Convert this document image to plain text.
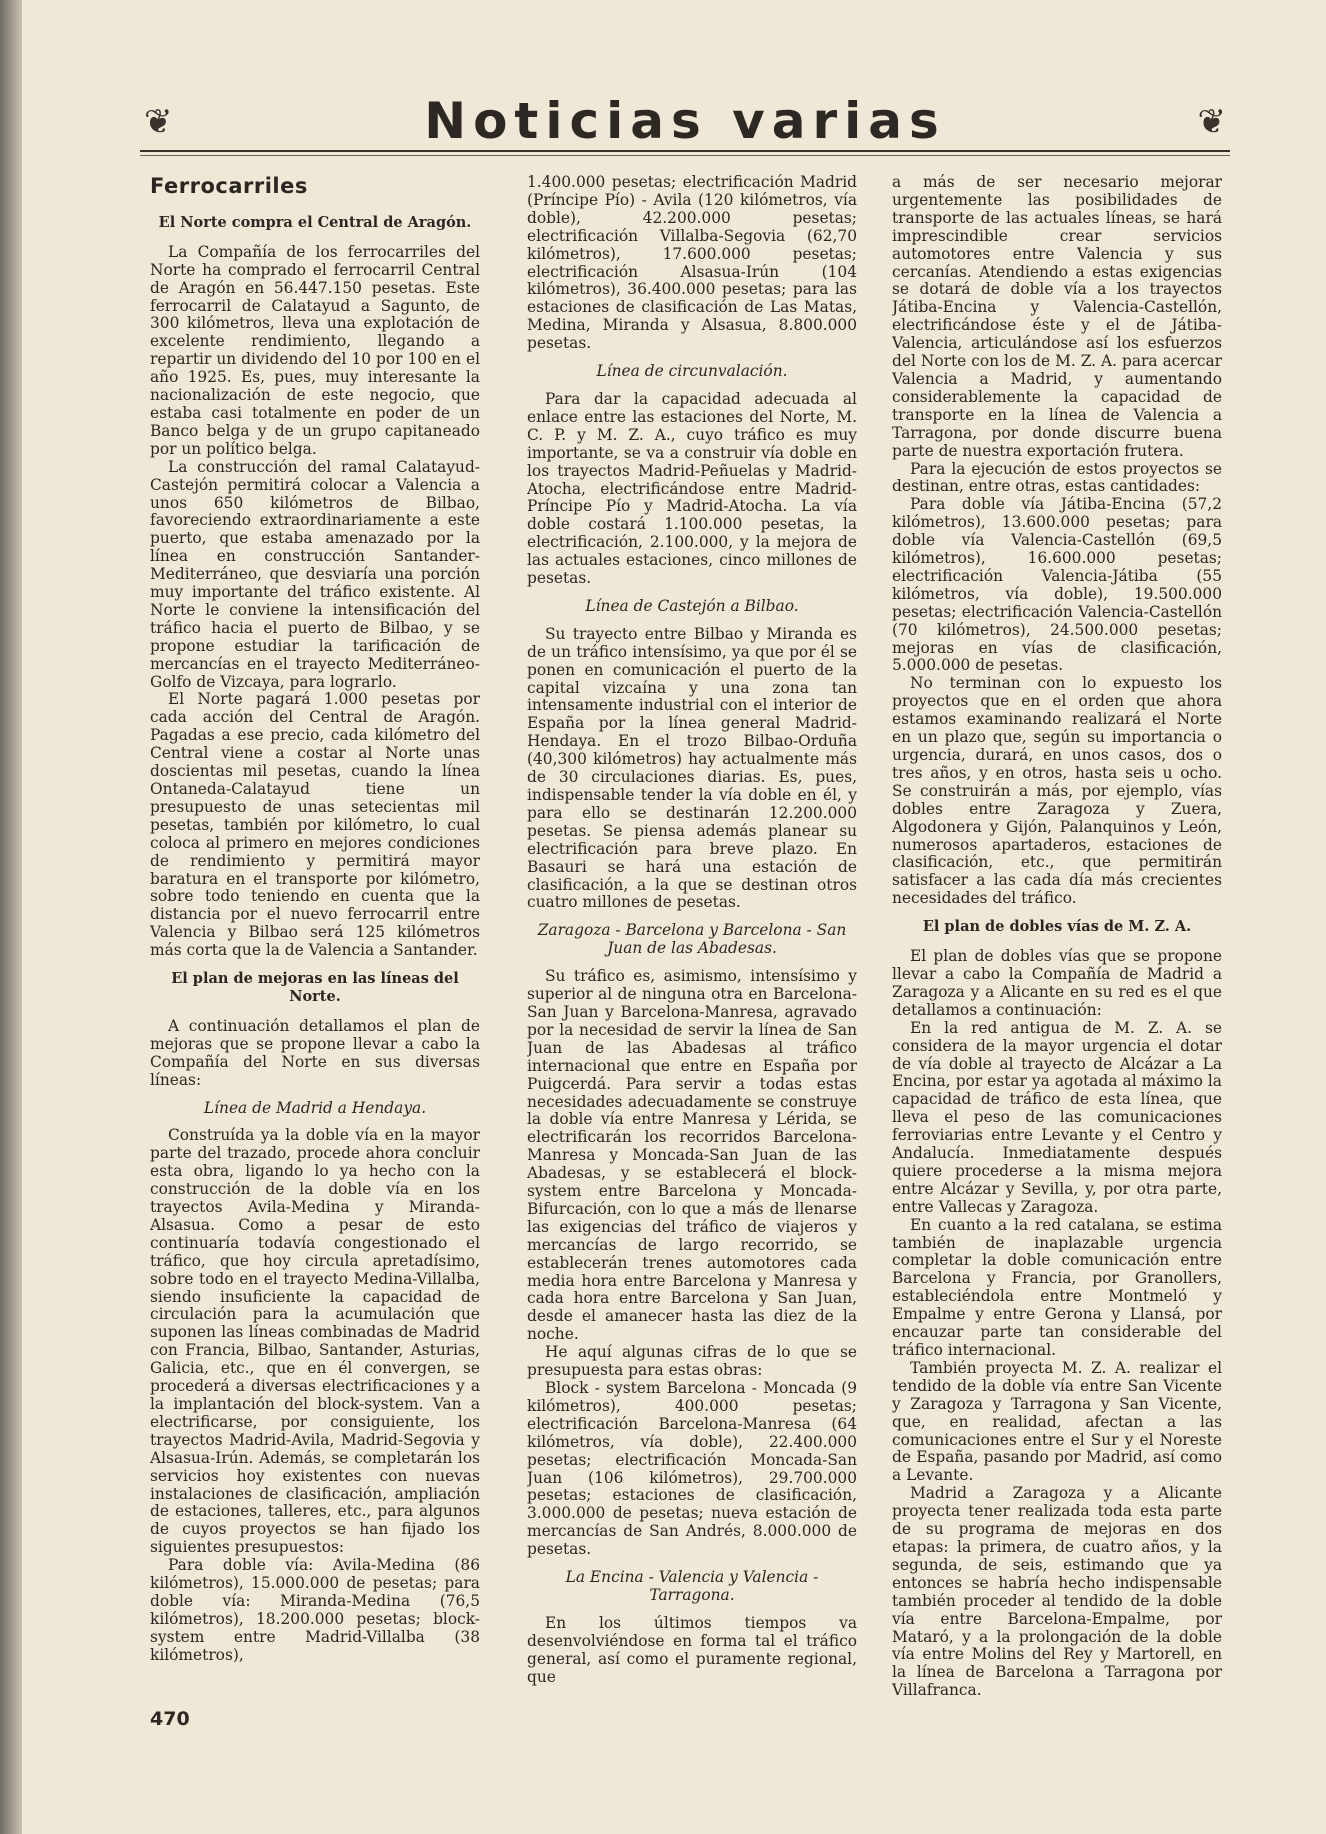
❦	Noticias varias	❦
Ferrocarriles
El Norte compra el Central de Aragón.

La Compañía de los ferrocarriles del Norte ha comprado el ferrocarril Central de Aragón en 56.447.150 pesetas. Este ferrocarril de Calatayud a Sagunto, de 300 kilómetros, lleva una explotación de excelente rendimiento, llegando a repartir un dividendo del 10 por 100 en el año 1925. Es, pues, muy interesante la nacionalización de este negocio, que estaba casi totalmente en poder de un Banco belga y de un grupo capitaneado por un político belga.

La construcción del ramal Calatayud-Castejón permitirá colocar a Valencia a unos 650 kilómetros de Bilbao, favoreciendo extraordinariamente a este puerto, que estaba amenazado por la línea en construcción Santander-Mediterráneo, que desviaría una porción muy importante del tráfico existente. Al Norte le conviene la intensificación del tráfico hacia el puerto de Bilbao, y se propone estudiar la tarificación de mercancías en el trayecto Mediterráneo-Golfo de Vizcaya, para lograrlo.

El Norte pagará 1.000 pesetas por cada acción del Central de Aragón. Pagadas a ese precio, cada kilómetro del Central viene a costar al Norte unas doscientas mil pesetas, cuando la línea Ontaneda-Calatayud tiene un presupuesto de unas setecientas mil pesetas, también por kilómetro, lo cual coloca al primero en mejores condiciones de rendimiento y permitirá mayor baratura en el transporte por kilómetro, sobre todo teniendo en cuenta que la distancia por el nuevo ferrocarril entre Valencia y Bilbao será 125 kilómetros más corta que la de Valencia a Santander.

El plan de mejoras en las líneas del Norte.

A continuación detallamos el plan de mejoras que se propone llevar a cabo la Compañía del Norte en sus diversas líneas:

Línea de Madrid a Hendaya.

Construída ya la doble vía en la mayor parte del trazado, procede ahora concluir esta obra, ligando lo ya hecho con la construcción de la doble vía en los trayectos Avila-Medina y Miranda-Alsasua. Como a pesar de esto continuaría todavía congestionado el tráfico, que hoy circula apretadísimo, sobre todo en el trayecto Medina-Villalba, siendo insuficiente la capacidad de circulación para la acumulación que suponen las líneas combinadas de Madrid con Francia, Bilbao, Santander, Asturias, Galicia, etc., que en él convergen, se procederá a diversas electrificaciones y a la implantación del block-system. Van a electrificarse, por consiguiente, los trayectos Madrid-Avila, Madrid-Segovia y Alsasua-Irún. Además, se completarán los servicios hoy existentes con nuevas instalaciones de clasificación, ampliación de estaciones, talleres, etc., para algunos de cuyos proyectos se han fijado los siguientes presupuestos:

Para doble vía: Avila-Medina (86 kilómetros), 15.000.000 de pesetas; para doble vía: Miranda-Medina (76,5 kilómetros), 18.200.000 pesetas; block-system entre Madrid-Villalba (38 kilómetros),

1.400.000 pesetas; electrificación Madrid (Príncipe Pío) - Avila (120 kilómetros, vía doble), 42.200.000 pesetas; electrificación Villalba-Segovia (62,70 kilómetros), 17.600.000 pesetas; electrificación Alsasua-Irún (104 kilómetros), 36.400.000 pesetas; para las estaciones de clasificación de Las Matas, Medina, Miranda y Alsasua, 8.800.000 pesetas.

Línea de circunvalación.

Para dar la capacidad adecuada al enlace entre las estaciones del Norte, M. C. P. y M. Z. A., cuyo tráfico es muy importante, se va a construir vía doble en los trayectos Madrid-Peñuelas y Madrid-Atocha, electrificándose entre Madrid-Príncipe Pío y Madrid-Atocha. La vía doble costará 1.100.000 pesetas, la electrificación, 2.100.000, y la mejora de las actuales estaciones, cinco millones de pesetas.

Línea de Castejón a Bilbao.

Su trayecto entre Bilbao y Miranda es de un tráfico intensísimo, ya que por él se ponen en comunicación el puerto de la capital vizcaína y una zona tan intensamente industrial con el interior de España por la línea general Madrid-Hendaya. En el trozo Bilbao-Orduña (40,300 kilómetros) hay actualmente más de 30 circulaciones diarias. Es, pues, indispensable tender la vía doble en él, y para ello se destinarán 12.200.000 pesetas. Se piensa además planear su electrificación para breve plazo. En Basauri se hará una estación de clasificación, a la que se destinan otros cuatro millones de pesetas.

Zaragoza - Barcelona y Barcelona - San Juan de las Abadesas.

Su tráfico es, asimismo, intensísimo y superior al de ninguna otra en Barcelona-San Juan y Barcelona-Manresa, agravado por la necesidad de servir la línea de San Juan de las Abadesas al tráfico internacional que entre en España por Puigcerdá. Para servir a todas estas necesidades adecuadamente se construye la doble vía entre Manresa y Lérida, se electrificarán los recorridos Barcelona-Manresa y Moncada-San Juan de las Abadesas, y se establecerá el block-system entre Barcelona y Moncada-Bifurcación, con lo que a más de llenarse las exigencias del tráfico de viajeros y mercancías de largo recorrido, se establecerán trenes automotores cada media hora entre Barcelona y Manresa y cada hora entre Barcelona y San Juan, desde el amanecer hasta las diez de la noche.

He aquí algunas cifras de lo que se presupuesta para estas obras:

Block - system Barcelona - Moncada (9 kilómetros), 400.000 pesetas; electrificación Barcelona-Manresa (64 kilómetros, vía doble), 22.400.000 pesetas; electrificación Moncada-San Juan (106 kilómetros), 29.700.000 pesetas; estaciones de clasificación, 3.000.000 de pesetas; nueva estación de mercancías de San Andrés, 8.000.000 de pesetas.

La Encina - Valencia y Valencia - Tarragona.

En los últimos tiempos va desenvolviéndose en forma tal el tráfico general, así como el puramente regional, que

a más de ser necesario mejorar urgentemente las posibilidades de transporte de las actuales líneas, se hará imprescindible crear servicios automotores entre Valencia y sus cercanías. Atendiendo a estas exigencias se dotará de doble vía a los trayectos Játiba-Encina y Valencia-Castellón, electrificándose éste y el de Játiba-Valencia, articulándose así los esfuerzos del Norte con los de M. Z. A. para acercar Valencia a Madrid, y aumentando considerablemente la capacidad de transporte en la línea de Valencia a Tarragona, por donde discurre buena parte de nuestra exportación frutera.

Para la ejecución de estos proyectos se destinan, entre otras, estas cantidades:

Para doble vía Játiba-Encina (57,2 kilómetros), 13.600.000 pesetas; para doble vía Valencia-Castellón (69,5 kilómetros), 16.600.000 pesetas; electrificación Valencia-Játiba (55 kilómetros, vía doble), 19.500.000 pesetas; electrificación Valencia-Castellón (70 kilómetros), 24.500.000 pesetas; mejoras en vías de clasificación, 5.000.000 de pesetas.

No terminan con lo expuesto los proyectos que en el orden que ahora estamos examinando realizará el Norte en un plazo que, según su importancia o urgencia, durará, en unos casos, dos o tres años, y en otros, hasta seis u ocho. Se construirán a más, por ejemplo, vías dobles entre Zaragoza y Zuera, Algodonera y Gijón, Palanquinos y León, numerosos apartaderos, estaciones de clasificación, etc., que permitirán satisfacer a las cada día más crecientes necesidades del tráfico.

El plan de dobles vías de M. Z. A.

El plan de dobles vías que se propone llevar a cabo la Compañía de Madrid a Zaragoza y a Alicante en su red es el que detallamos a continuación:

En la red antigua de M. Z. A. se considera de la mayor urgencia el dotar de vía doble al trayecto de Alcázar a La Encina, por estar ya agotada al máximo la capacidad de tráfico de esta línea, que lleva el peso de las comunicaciones ferroviarias entre Levante y el Centro y Andalucía. Inmediatamente después quiere procederse a la misma mejora entre Alcázar y Sevilla, y, por otra parte, entre Vallecas y Zaragoza.

En cuanto a la red catalana, se estima también de inaplazable urgencia completar la doble comunicación entre Barcelona y Francia, por Granollers, estableciéndola entre Montmeló y Empalme y entre Gerona y Llansá, por encauzar parte tan considerable del tráfico internacional.

También proyecta M. Z. A. realizar el tendido de la doble vía entre San Vicente y Zaragoza y Tarragona y San Vicente, que, en realidad, afectan a las comunicaciones entre el Sur y el Noreste de España, pasando por Madrid, así como a Levante.

Madrid a Zaragoza y a Alicante proyecta tener realizada toda esta parte de su programa de mejoras en dos etapas: la primera, de cuatro años, y la segunda, de seis, estimando que ya entonces se habría hecho indispensable también proceder al tendido de la doble vía entre Barcelona-Empalme, por Mataró, y a la prolongación de la doble vía entre Molins del Rey y Martorell, en la línea de Barcelona a Tarragona por Villafranca.

470
